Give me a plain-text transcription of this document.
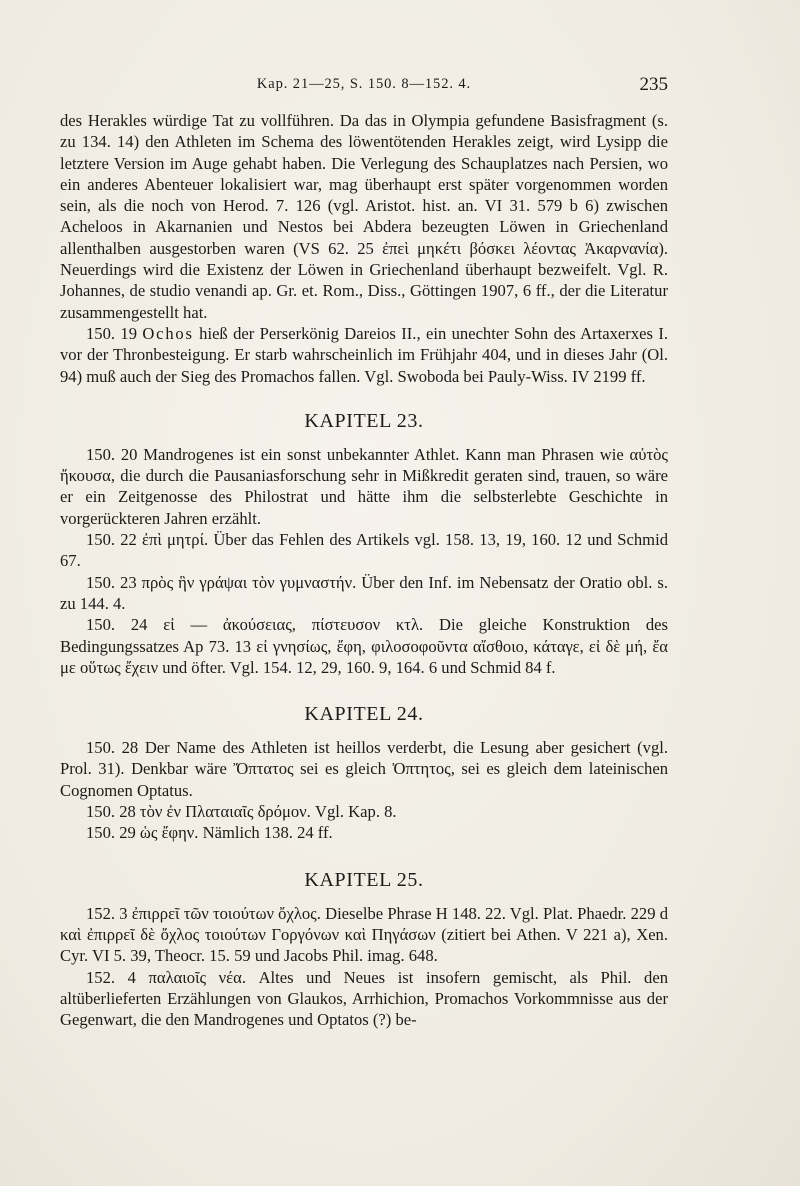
Kap. 21—25, S. 150. 8—152. 4.	235

des Herakles würdige Tat zu vollführen. Da das in Olympia gefundene Basisfragment (s. zu 134. 14) den Athleten im Schema des löwentötenden Herakles zeigt, wird Lysipp die letztere Version im Auge gehabt haben. Die Verlegung des Schauplatzes nach Persien, wo ein anderes Abenteuer lokalisiert war, mag überhaupt erst später vorgenommen worden sein, als die noch von Herod. 7. 126 (vgl. Aristot. hist. an. VI 31. 579 b 6) zwischen Acheloos in Akarnanien und Nestos bei Abdera bezeugten Löwen in Griechenland allenthalben ausgestorben waren (VS 62. 25 ἐπεὶ μηκέτι βόσκει λέοντας Ἀκαρνανία). Neuerdings wird die Existenz der Löwen in Griechenland überhaupt bezweifelt. Vgl. R. Johannes, de studio venandi ap. Gr. et. Rom., Diss., Göttingen 1907, 6 ff., der die Literatur zusammengestellt hat.

150. 19 Ochos hieß der Perserkönig Dareios II., ein unechter Sohn des Artaxerxes I. vor der Thronbesteigung. Er starb wahrscheinlich im Frühjahr 404, und in dieses Jahr (Ol. 94) muß auch der Sieg des Promachos fallen. Vgl. Swoboda bei Pauly-Wiss. IV 2199 ff.

KAPITEL 23.

150. 20 Mandrogenes ist ein sonst unbekannter Athlet. Kann man Phrasen wie αὐτὸς ἤκουσα, die durch die Pausaniasforschung sehr in Mißkredit geraten sind, trauen, so wäre er ein Zeitgenosse des Philostrat und hätte ihm die selbsterlebte Geschichte in vorgerückteren Jahren erzählt.

150. 22 ἐπὶ μητρί. Über das Fehlen des Artikels vgl. 158. 13, 19, 160. 12 und Schmid 67.

150. 23 πρὸς ἣν γράψαι τὸν γυμναστήν. Über den Inf. im Nebensatz der Oratio obl. s. zu 144. 4.

150. 24 εἰ — ἀκούσειας, πίστευσον κτλ. Die gleiche Konstruktion des Bedingungssatzes Ap 73. 13 εἰ γνησίως, ἔφη, φιλοσοφοῦντα αἴσθοιο, κάταγε, εἰ δὲ μή, ἔα με οὕτως ἔχειν und öfter. Vgl. 154. 12, 29, 160. 9, 164. 6 und Schmid 84 f.

KAPITEL 24.

150. 28 Der Name des Athleten ist heillos verderbt, die Lesung aber gesichert (vgl. Prol. 31). Denkbar wäre Ὄπτατος sei es gleich Ὀπτητος, sei es gleich dem lateinischen Cognomen Optatus.

150. 28 τὸν ἐν Πλαταιαῖς δρόμον. Vgl. Kap. 8.

150. 29 ὡς ἔφην. Nämlich 138. 24 ff.

KAPITEL 25.

152. 3 ἐπιρρεῖ τῶν τοιούτων ὄχλος. Dieselbe Phrase H 148. 22. Vgl. Plat. Phaedr. 229 d καὶ ἐπιρρεῖ δὲ ὄχλος τοιούτων Γοργόνων καὶ Πηγάσων (zitiert bei Athen. V 221 a), Xen. Cyr. VI 5. 39, Theocr. 15. 59 und Jacobs Phil. imag. 648.

152. 4 παλαιοῖς νέα. Altes und Neues ist insofern gemischt, als Phil. den altüberlieferten Erzählungen von Glaukos, Arrhichion, Promachos Vorkommnisse aus der Gegenwart, die den Mandrogenes und Optatos (?) be-
